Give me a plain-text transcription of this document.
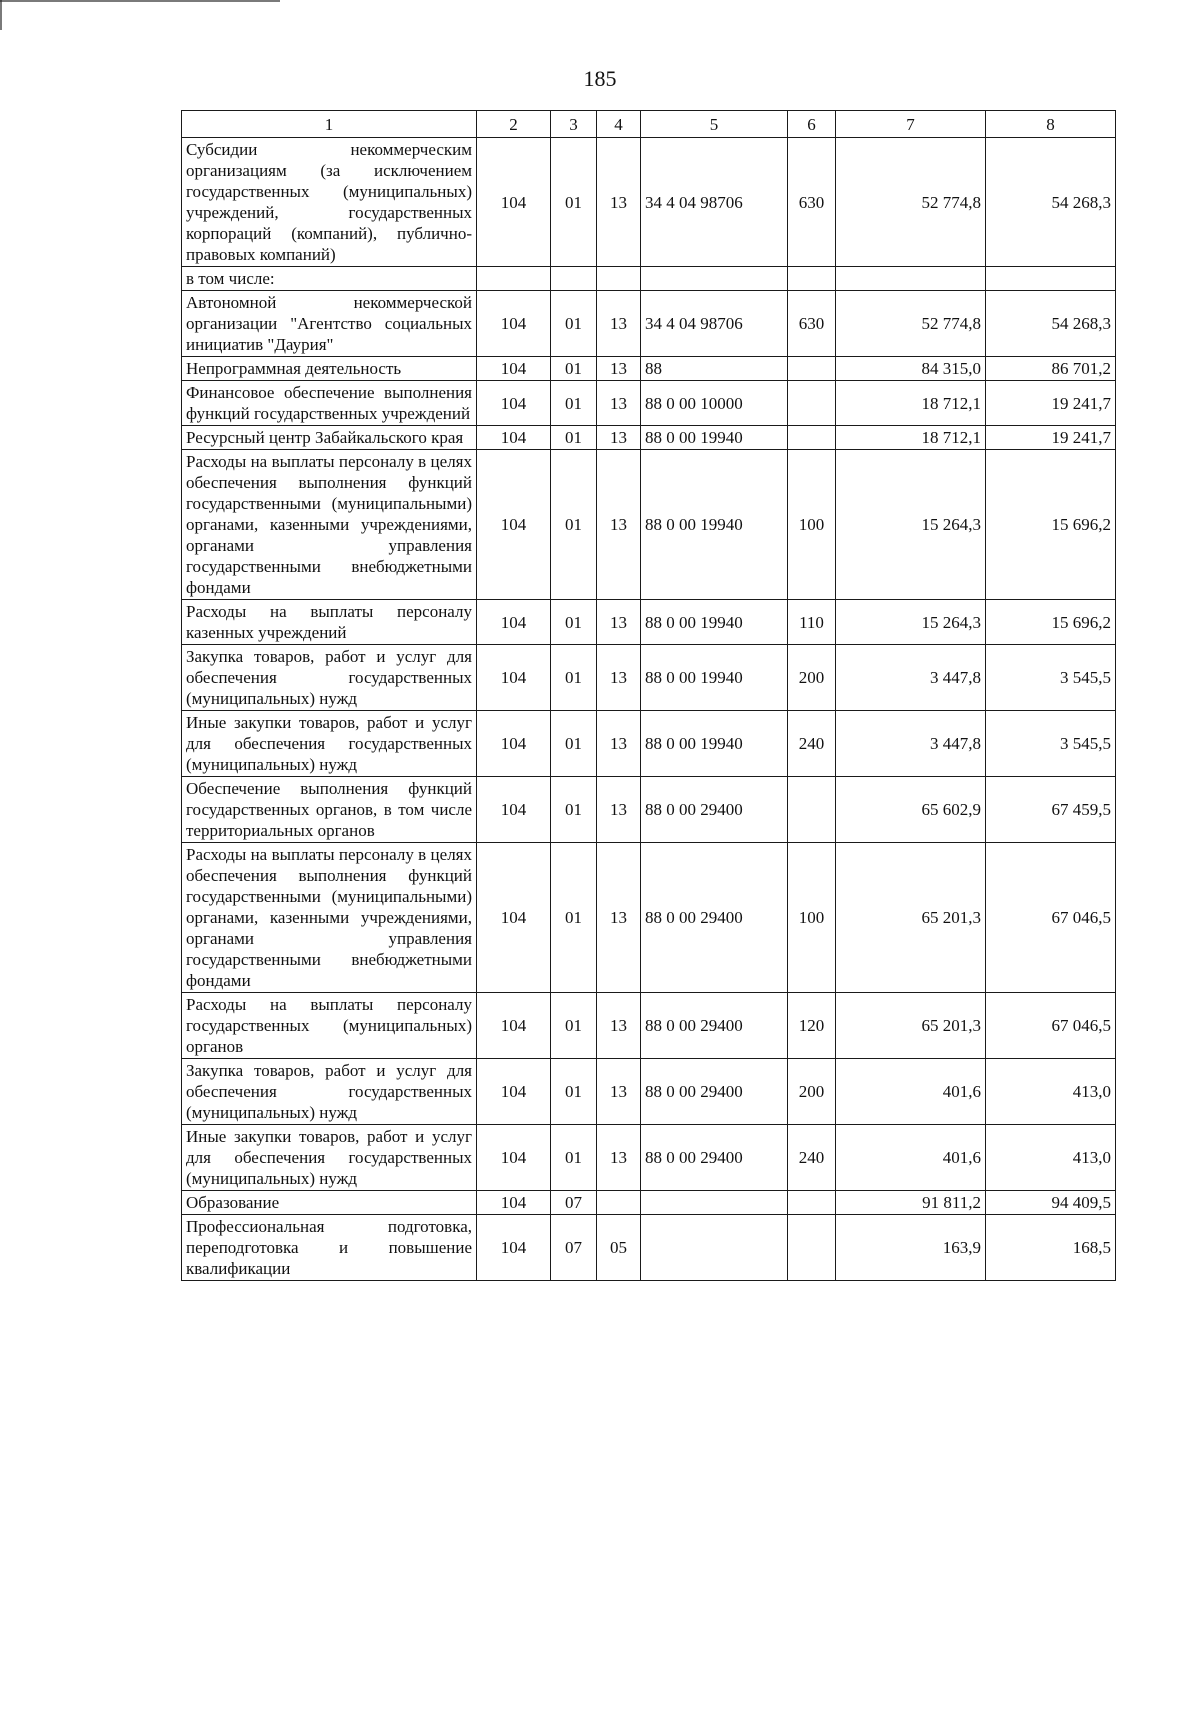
185
1	2	3	4	5	6	7	8
Субсидии некоммерческим организациям (за исключением государственных (муниципальных) учреждений, государственных корпораций (компаний), публично-правовых компаний)	104	01	13	34 4 04 98706	630	52 774,8	54 268,3
в том числе:							
Автономной некоммерческой организации "Агентство социальных инициатив "Даурия"	104	01	13	34 4 04 98706	630	52 774,8	54 268,3
Непрограммная деятельность	104	01	13	88		84 315,0	86 701,2
Финансовое обеспечение выполнения функций государственных учреждений	104	01	13	88 0 00 10000		18 712,1	19 241,7
Ресурсный центр Забайкальского края	104	01	13	88 0 00 19940		18 712,1	19 241,7
Расходы на выплаты персоналу в целях обеспечения выполнения функций государственными (муниципальными) органами, казенными учреждениями, органами управления государственными внебюджетными фондами	104	01	13	88 0 00 19940	100	15 264,3	15 696,2
Расходы на выплаты персоналу казенных учреждений	104	01	13	88 0 00 19940	110	15 264,3	15 696,2
Закупка товаров, работ и услуг для обеспечения государственных (муниципальных) нужд	104	01	13	88 0 00 19940	200	3 447,8	3 545,5
Иные закупки товаров, работ и услуг для обеспечения государственных (муниципальных) нужд	104	01	13	88 0 00 19940	240	3 447,8	3 545,5
Обеспечение выполнения функций государственных органов, в том числе территориальных органов	104	01	13	88 0 00 29400		65 602,9	67 459,5
Расходы на выплаты персоналу в целях обеспечения выполнения функций государственными (муниципальными) органами, казенными учреждениями, органами управления государственными внебюджетными фондами	104	01	13	88 0 00 29400	100	65 201,3	67 046,5
Расходы на выплаты персоналу государственных (муниципальных) органов	104	01	13	88 0 00 29400	120	65 201,3	67 046,5
Закупка товаров, работ и услуг для обеспечения государственных (муниципальных) нужд	104	01	13	88 0 00 29400	200	401,6	413,0
Иные закупки товаров, работ и услуг для обеспечения государственных (муниципальных) нужд	104	01	13	88 0 00 29400	240	401,6	413,0
Образование	104	07				91 811,2	94 409,5
Профессиональная подготовка, переподготовка и повышение квалификации	104	07	05			163,9	168,5
